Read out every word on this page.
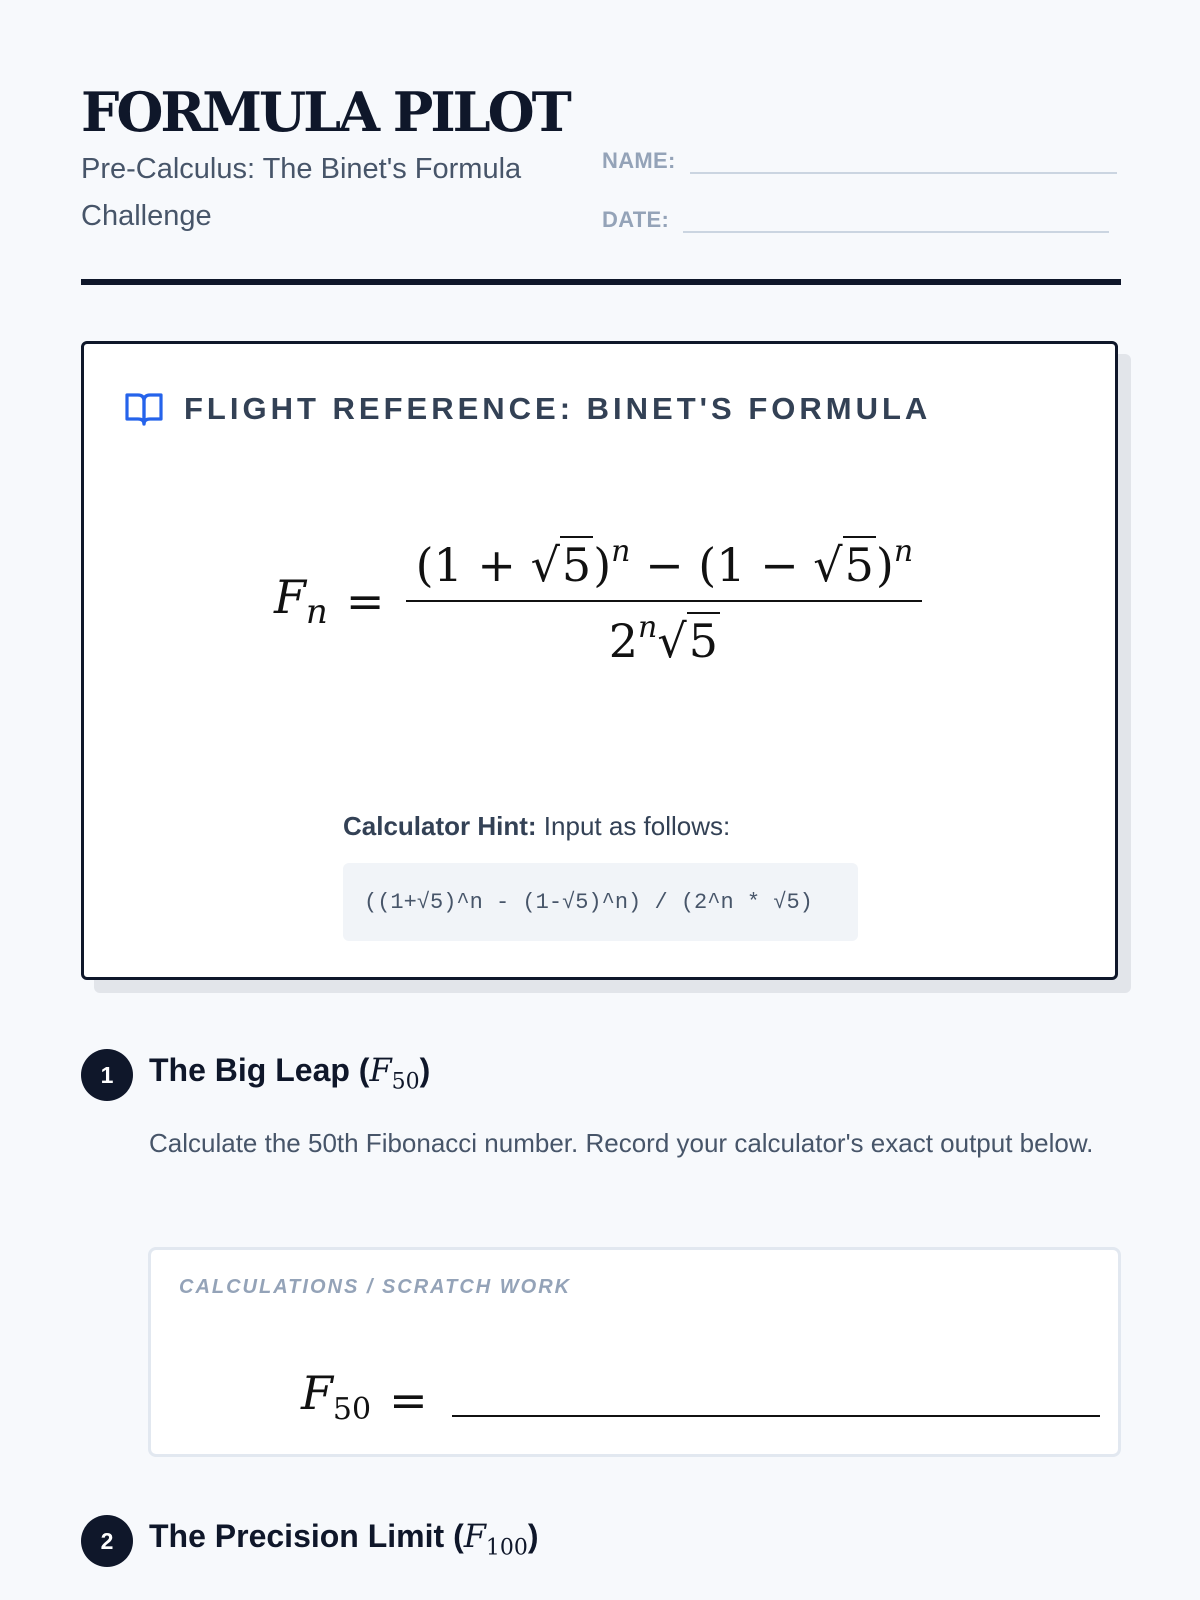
FORMULA PILOT

Pre-Calculus: The Binet's Formula Challenge

NAME:
DATE:
FLIGHT REFERENCE: BINET'S FORMULA
$F_n = \frac{(1 + √5)^n - (1 - √5)^n}{2^n√5}$
Calculator Hint: Input as follows:
((1+√5)^n - (1-√5)^n) / (2^n * √5)
1	The Big Leap $(F_{50})$

Calculate the 50th Fibonacci number. Record your calculator's exact output below.

CALCULATIONS / SCRATCH WORK
$F_{50}$ =
2	The Precision Limit $(F_{100})$
